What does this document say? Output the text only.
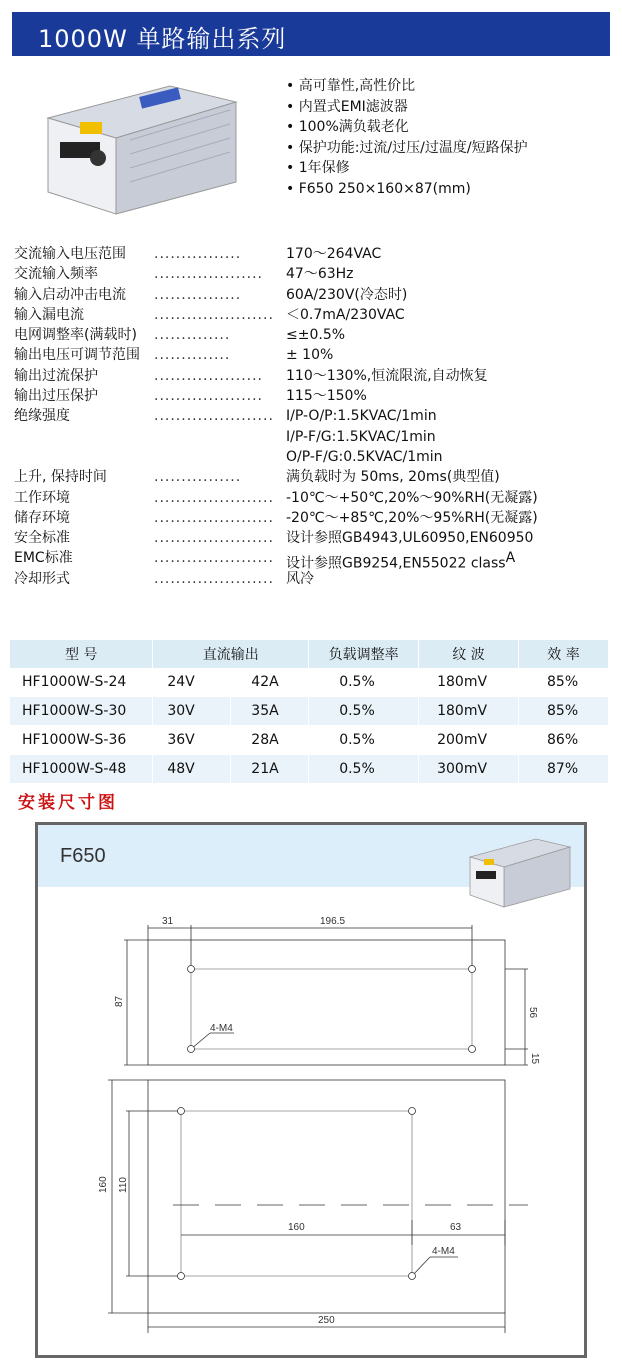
1000W 单路输出系列
• 高可靠性,高性价比
• 内置式EMI滤波器
• 100%满负载老化
• 保护功能:过流/过压/过温度/短路保护
• 1年保修
• F650 250×160×87(mm)
交流输入电压范围 ................	170～264VAC
交流输入频率	....................	47～63Hz
输入启动冲击电流 ................	60A/230V(冷态时)
输入漏电流	...................... ＜0.7mA/230VAC
电网调整率(满载时) ..............	≤±0.5%
输出电压可调节范围 ..............	± 10%
输出过流保护	....................	110～130%,恒流限流,自动恢复
输出过压保护	....................	115～150%
绝缘强度	...................... I/P-O/P:1.5KVAC/1min
I/P-F/G:1.5KVAC/1min
O/P-F/G:0.5KVAC/1min
上升, 保持时间	................	满负载时为 50ms, 20ms(典型值)
工作环境	...................... -10℃～+50℃,20%～90%RH(无凝露)
储存环境	...................... -20℃～+85℃,20%～95%RH(无凝露)
安全标准	...................... 设计参照GB4943,UL60950,EN60950
EMC标准	...................... 设计参照GB9254,EN55022 classA
冷却形式	...................... 风冷
型 号	直流输出		负载调整率	纹 波	效 率
HF1000W-S-24	24V	42A	0.5%	180mV	85%
HF1000W-S-30	30V	35A	0.5%	180mV	85%
HF1000W-S-36	36V	28A	0.5%	200mV	86%
HF1000W-S-48	48V	21A	0.5%	300mV	87%
安装尺寸图
F650
31	196.5
87
56
15
4-M4
160 110
160	63
4-M4
250
